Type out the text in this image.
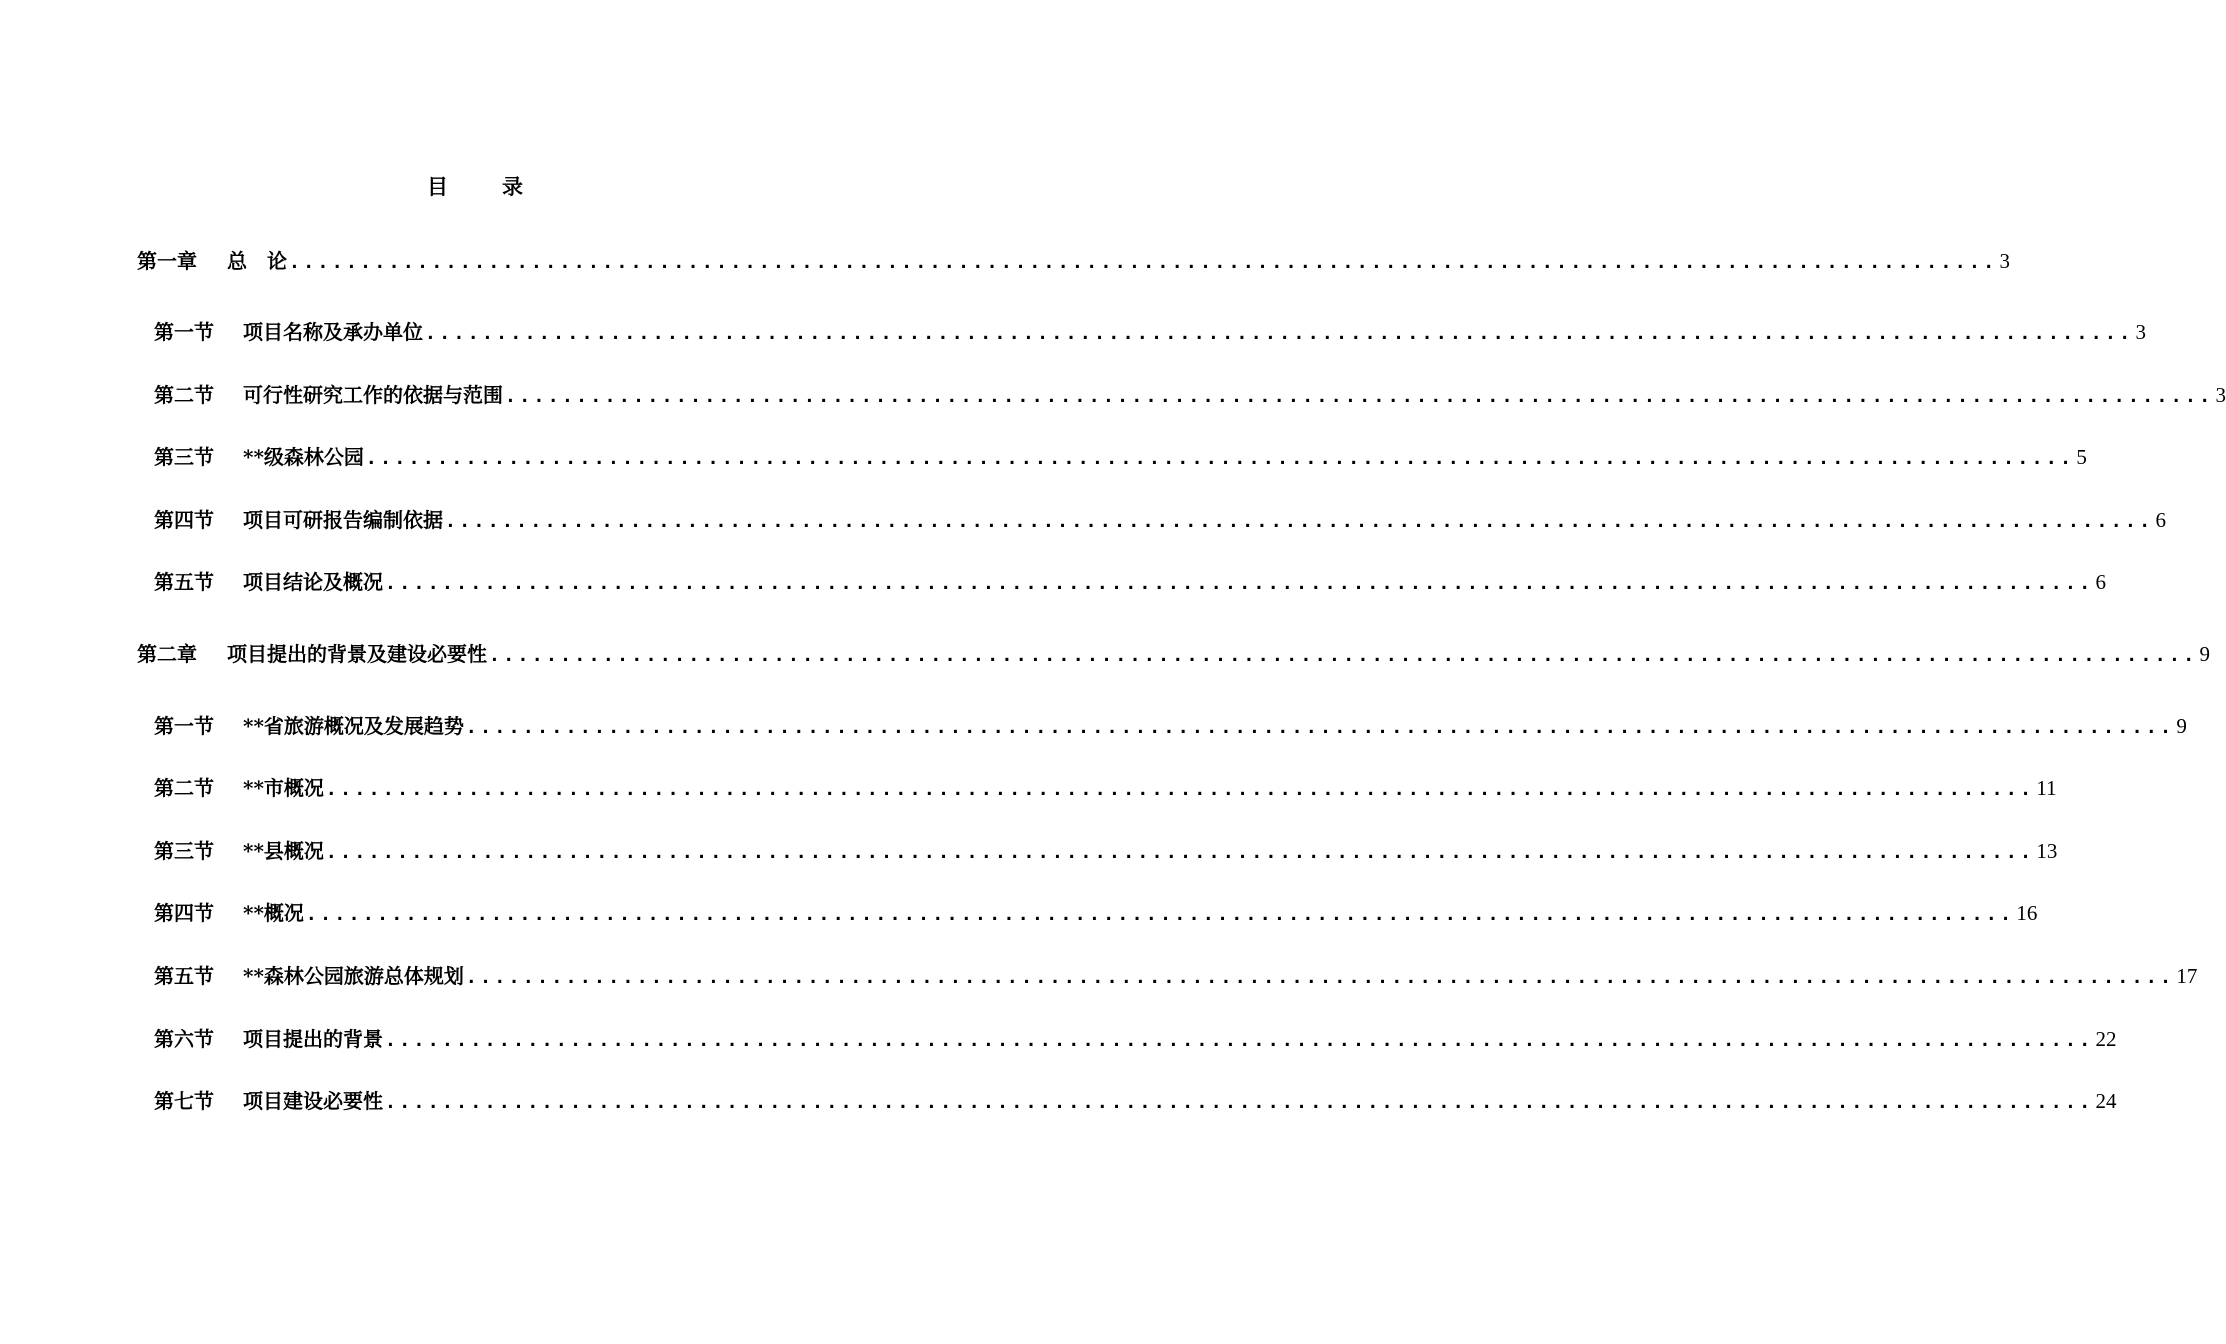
目	录
第一章	总　论 ........................................................................................................................ 3
第一节	项目名称及承办单位 ........................................................................................................................ 3
第二节	可行性研究工作的依据与范围 ........................................................................................................................ 3
第三节	**级森林公园 ........................................................................................................................ 5
第四节	项目可研报告编制依据 ........................................................................................................................ 6
第五节	项目结论及概况 ........................................................................................................................ 6
第二章	项目提出的背景及建设必要性 ........................................................................................................................ 9
第一节	**省旅游概况及发展趋势 ........................................................................................................................ 9
第二节	**市概况 ........................................................................................................................ 11
第三节	**县概况 ........................................................................................................................ 13
第四节	**概况 ........................................................................................................................ 16
第五节	**森林公园旅游总体规划 ........................................................................................................................ 17
第六节	项目提出的背景 ........................................................................................................................ 22
第七节	项目建设必要性 ........................................................................................................................ 24
